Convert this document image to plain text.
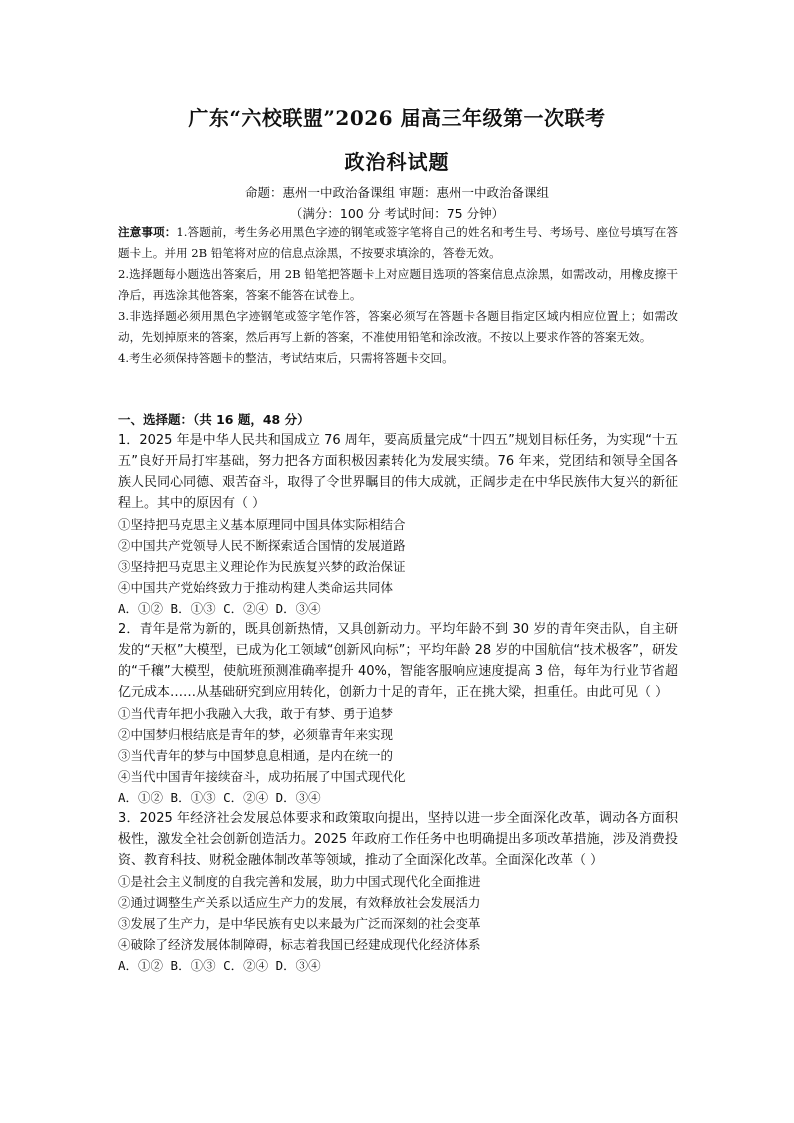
广东“六校联盟”2026 届高三年级第一次联考
政治科试题
命题：惠州一中政治备课组 审题：惠州一中政治备课组
（满分：100 分 考试时间：75 分钟）

注意事项：1.答题前，考生务必用黑色字迹的钢笔或签字笔将自己的姓名和考生号、考场号、座位号填写在答题卡上。并用 2B 铅笔将对应的信息点涂黑，不按要求填涂的，答卷无效。

2.选择题每小题选出答案后，用 2B 铅笔把答题卡上对应题目选项的答案信息点涂黑，如需改动，用橡皮擦干净后，再选涂其他答案，答案不能答在试卷上。

3.非选择题必须用黑色字迹钢笔或签字笔作答，答案必须写在答题卡各题目指定区域内相应位置上；如需改动，先划掉原来的答案，然后再写上新的答案，不准使用铅笔和涂改液。不按以上要求作答的答案无效。

4.考生必须保持答题卡的整洁，考试结束后，只需将答题卡交回。

一、选择题：（共 16 题，48 分）

1．2025 年是中华人民共和国成立 76 周年，要高质量完成“十四五”规划目标任务，为实现“十五五”良好开局打牢基础，努力把各方面积极因素转化为发展实绩。76 年来，党团结和领导全国各族人民同心同德、艰苦奋斗，取得了令世界瞩目的伟大成就，正阔步走在中华民族伟大复兴的新征程上。其中的原因有（ ）

①坚持把马克思主义基本原理同中国具体实际相结合

②中国共产党领导人民不断探索适合国情的发展道路

③坚持把马克思主义理论作为民族复兴梦的政治保证

④中国共产党始终致力于推动构建人类命运共同体

A．①② B．①③ C．②④ D．③④

2．青年是常为新的，既具创新热情，又具创新动力。平均年龄不到 30 岁的青年突击队，自主研发的“天枢”大模型，已成为化工领域“创新风向标”；平均年龄 28 岁的中国航信“技术极客”，研发的“千穰”大模型，使航班预测准确率提升 40%，智能客服响应速度提高 3 倍，每年为行业节省超亿元成本……从基础研究到应用转化，创新力十足的青年，正在挑大梁，担重任。由此可见（ ）

①当代青年把小我融入大我，敢于有梦、勇于追梦

②中国梦归根结底是青年的梦，必须靠青年来实现

③当代青年的梦与中国梦息息相通，是内在统一的

④当代中国青年接续奋斗，成功拓展了中国式现代化

A．①② B．①③ C．②④ D．③④

3．2025 年经济社会发展总体要求和政策取向提出，坚持以进一步全面深化改革，调动各方面积极性，激发全社会创新创造活力。2025 年政府工作任务中也明确提出多项改革措施，涉及消费投资、教育科技、财税金融体制改革等领域，推动了全面深化改革。全面深化改革（ ）

①是社会主义制度的自我完善和发展，助力中国式现代化全面推进

②通过调整生产关系以适应生产力的发展，有效释放社会发展活力

③发展了生产力，是中华民族有史以来最为广泛而深刻的社会变革

④破除了经济发展体制障碍，标志着我国已经建成现代化经济体系

A．①② B．①③ C．②④ D．③④
